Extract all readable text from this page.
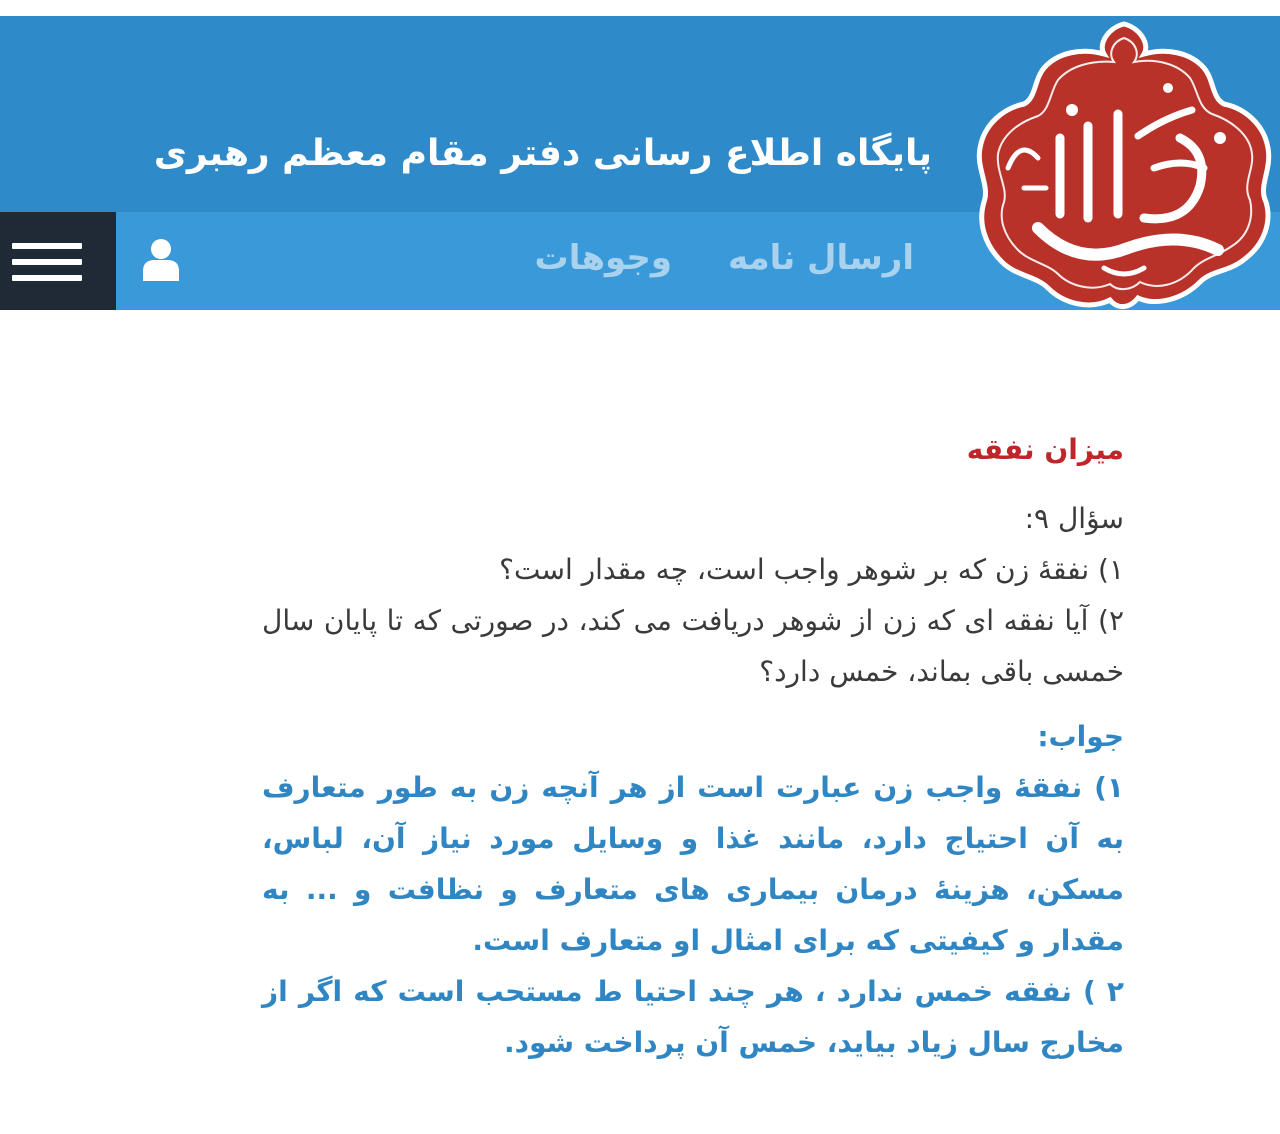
پایگاه اطلاع رسانی دفتر مقام معظم رهبری
ارسال نامه
وجوهات
میزان نفقه

سؤال ۹:

۱) نفقۀ زن که بر شوهر واجب است، چه مقدار است؟

۲) آیا نفقه ای که زن از شوهر دریافت می کند، در صورتی که تا پایان سال خمسی باقی بماند، خمس دارد؟

جواب:

۱) نفقۀ واجب زن عبارت است از هر آنچه زن به طور متعارف به آن احتیاج دارد، مانند غذا و وسایل مورد نیاز آن، لباس، مسکن، هزینۀ درمان بیماری های متعارف و نظافت و ... به مقدار و کیفیتی که برای امثال او متعارف است.

۲ ) نفقه خمس ندارد ، هر چند احتیا ط مستحب است که اگر از مخارج سال زیاد بیاید، خمس آن پرداخت شود.
